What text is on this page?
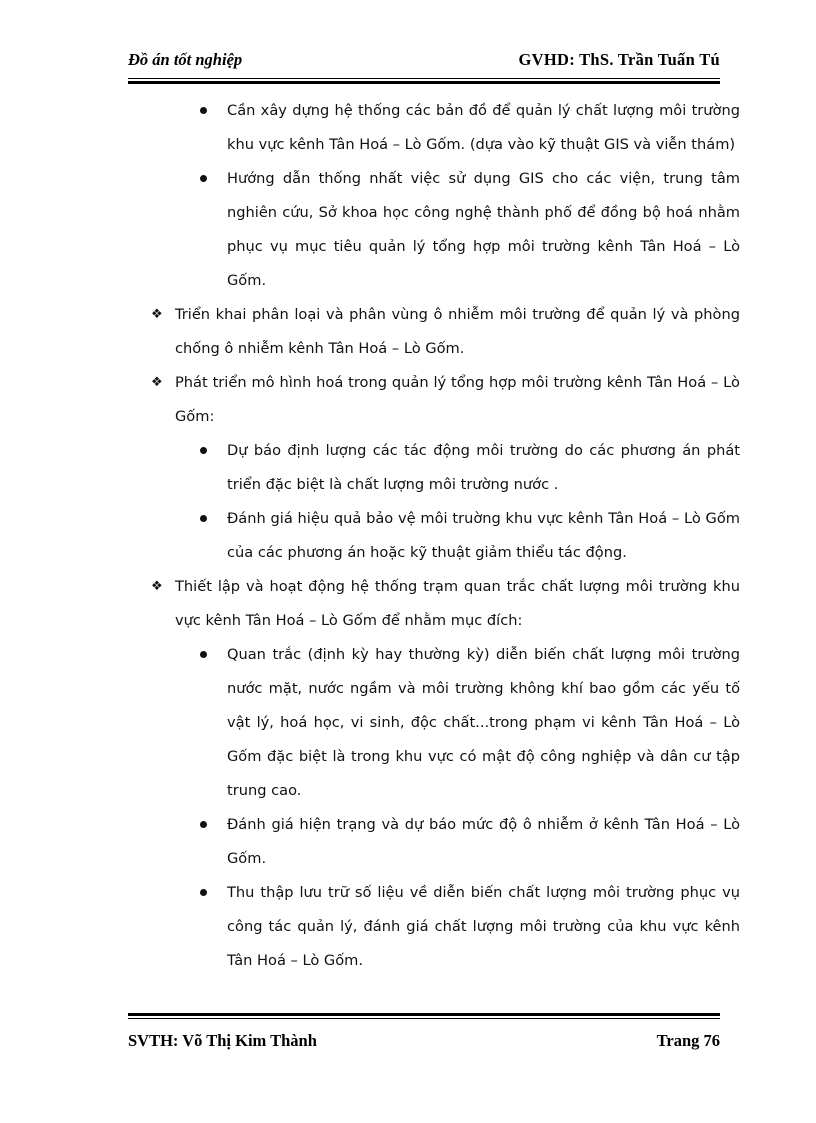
Đồ án tốt nghiệp	GVHD: ThS. Trần Tuấn Tú
Cần xây dựng hệ thống các bản đồ để quản lý chất lượng môi trường khu vực kênh Tân Hoá – Lò Gốm. (dựa vào kỹ thuật GIS và viễn thám)
Hướng dẫn thống nhất việc sử dụng GIS cho các viện, trung tâm nghiên cứu, Sở khoa học công nghệ thành phố để đồng bộ hoá nhằm phục vụ mục tiêu quản lý tổng hợp môi trường kênh Tân Hoá – Lò Gốm.
❖ Triển khai phân loại và phân vùng ô nhiễm môi trường để quản lý và phòng chống ô nhiễm kênh Tân Hoá – Lò Gốm.
❖ Phát triển mô hình hoá trong quản lý tổng hợp môi trường kênh Tân Hoá – Lò Gốm:
Dự báo định lượng các tác động môi trường do các phương án phát triển đặc biệt là chất lượng môi trường nước .
Đánh giá hiệu quả bảo vệ môi truờng khu vực kênh Tân Hoá – Lò Gốm của các phương án hoặc kỹ thuật giảm thiểu tác động.
❖ Thiết lập và hoạt động hệ thống trạm quan trắc chất lượng môi trường khu vực kênh Tân Hoá – Lò Gốm để nhằm mục đích:
Quan trắc (định kỳ hay thường kỳ) diễn biến chất lượng môi trường nước mặt, nước ngầm và môi trường không khí bao gồm các yếu tố vật lý, hoá học, vi sinh, độc chất...trong phạm vi kênh Tân Hoá – Lò Gốm đặc biệt là trong khu vực có mật độ công nghiệp và dân cư tập trung cao.
Đánh giá hiện trạng và dự báo mức độ ô nhiễm ở kênh Tân Hoá – Lò Gốm.
Thu thập lưu trữ số liệu về diễn biến chất lượng môi trường phục vụ công tác quản lý, đánh giá chất lượng môi trường của khu vực kênh Tân Hoá – Lò Gốm.
SVTH: Võ Thị Kim Thành	Trang 76
